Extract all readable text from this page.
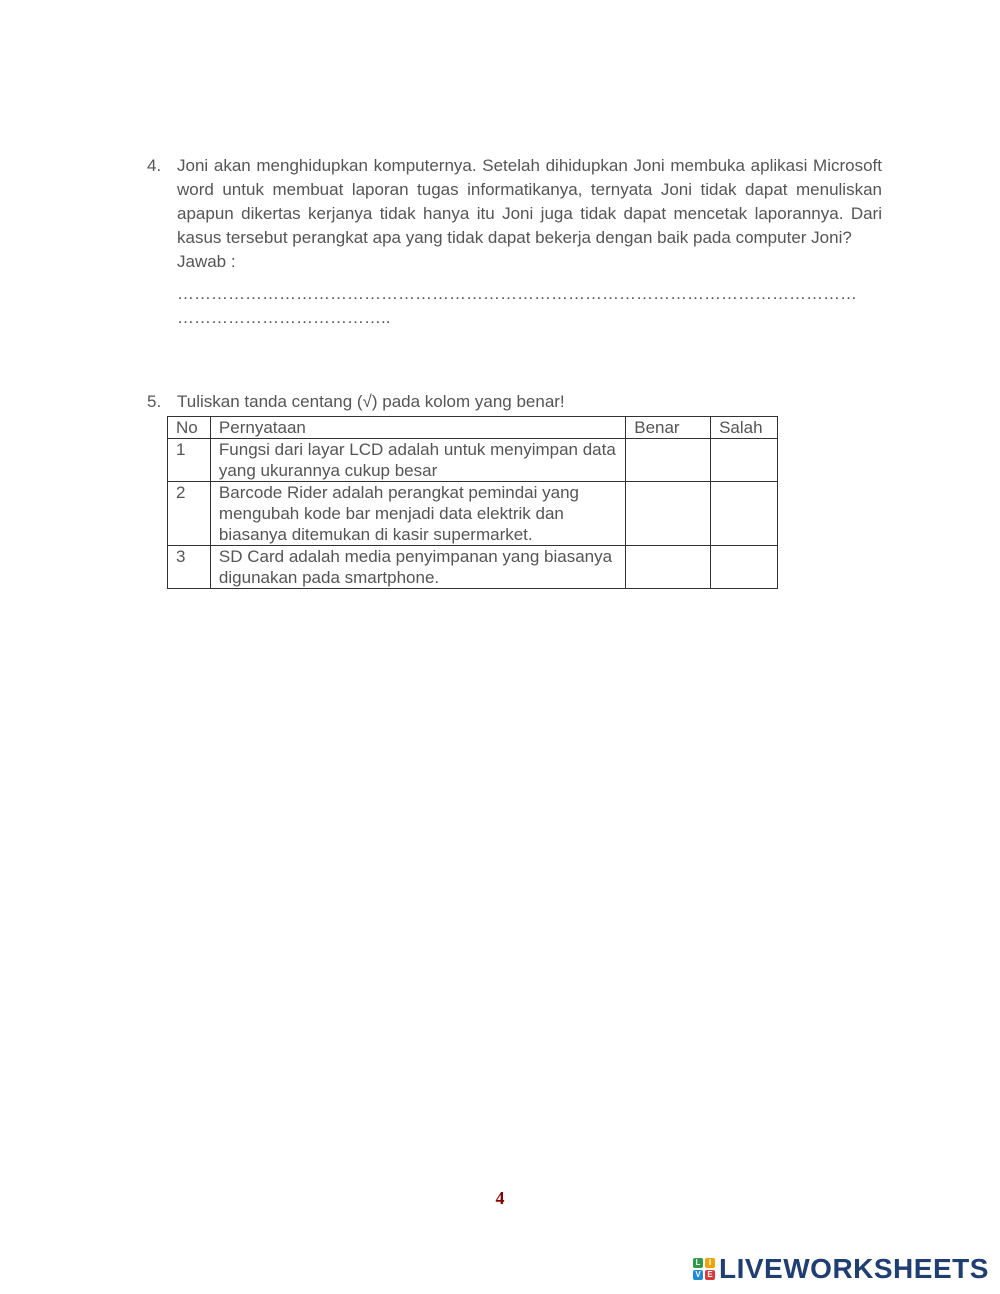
4. Joni akan menghidupkan komputernya. Setelah dihidupkan Joni membuka aplikasi Microsoft word untuk membuat laporan tugas informatikanya, ternyata Joni tidak dapat menuliskan apapun dikertas kerjanya tidak hanya itu Joni juga tidak dapat mencetak laporannya. Dari kasus tersebut perangkat apa yang tidak dapat bekerja dengan baik pada computer Joni?
Jawab :
…………………………………………………………………………………………………………
………………………………..
5. Tuliskan tanda centang (√) pada kolom yang benar!
No	Pernyataan	Benar	Salah
1	Fungsi dari layar LCD adalah untuk menyimpan data yang ukurannya cukup besar		
2	Barcode Rider adalah perangkat pemindai yang mengubah kode bar menjadi data elektrik dan biasanya ditemukan di kasir supermarket.		
3	SD Card adalah media penyimpanan yang biasanya digunakan pada smartphone.		
4
L	I
V E LIVEWORKSHEETS
